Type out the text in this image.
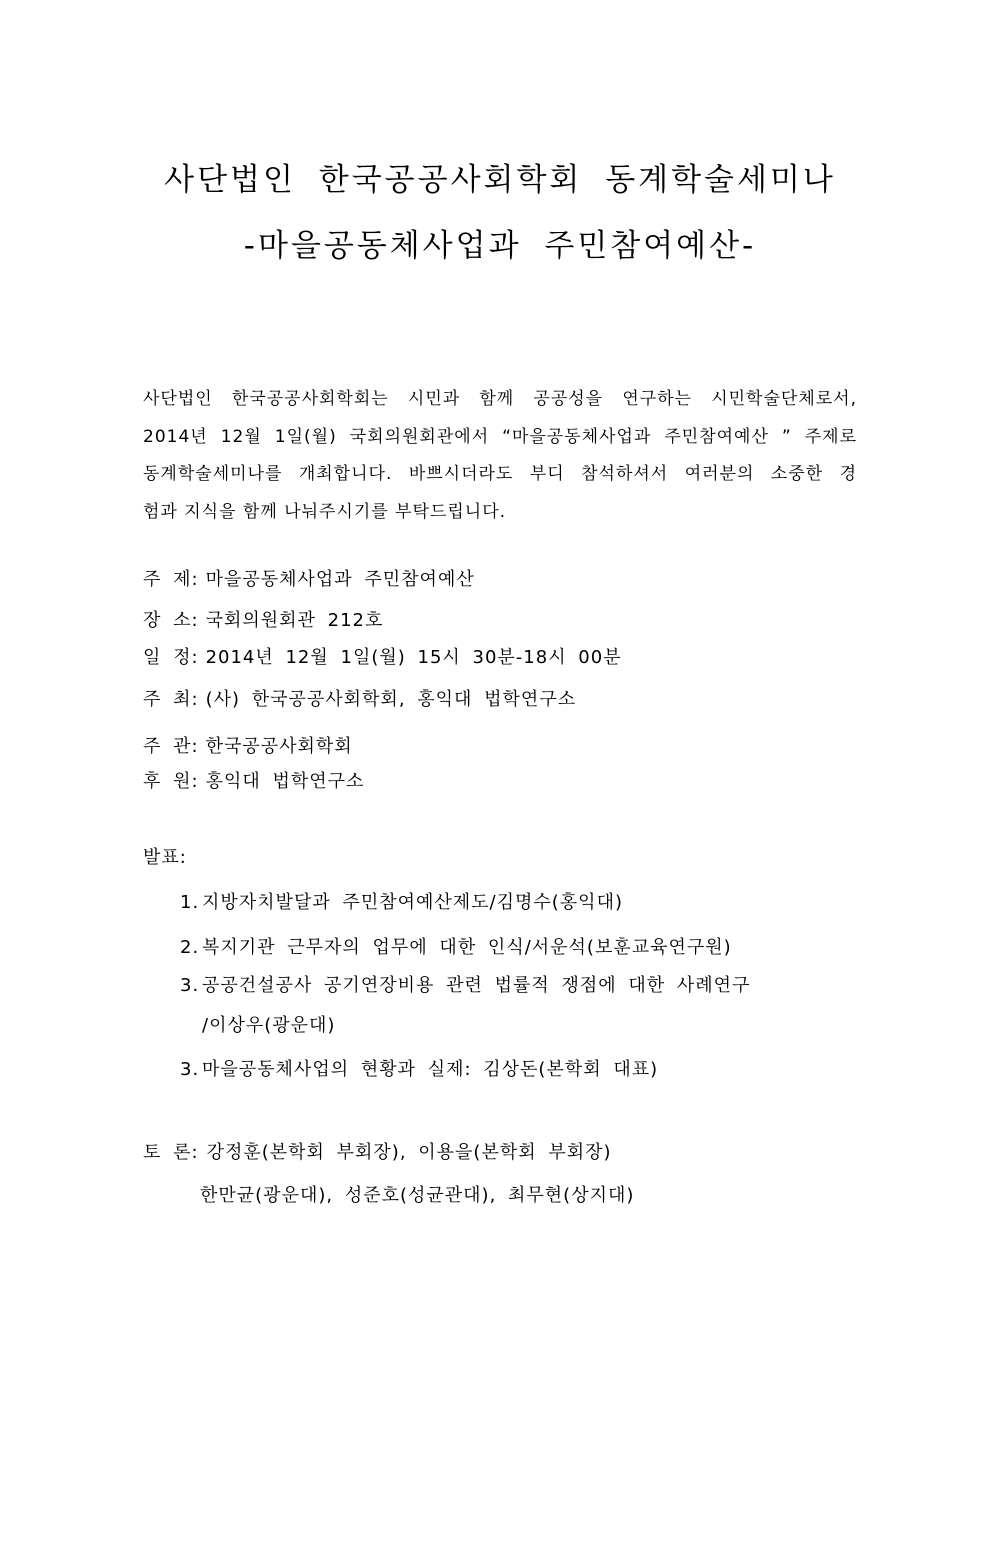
사단법인 한국공공사회학회 동계학술세미나
-마을공동체사업과 주민참여예산-
사단법인 한국공공사회학회는 시민과 함께 공공성을 연구하는 시민학술단체로서,
2014년 12월 1일(월) 국회의원회관에서 “마을공동체사업과 주민참여예산 ” 주제로
동계학술세미나를 개최합니다. 바쁘시더라도 부디 참석하셔서 여러분의 소중한 경
험과 지식을 함께 나눠주시기를 부탁드립니다.
주 제: 마을공동체사업과 주민참여예산
장 소: 국회의원회관 212호
일 정: 2014년 12월 1일(월) 15시 30분-18시 00분
주 최: (사) 한국공공사회학회, 홍익대 법학연구소
주 관: 한국공공사회학회
후 원: 홍익대 법학연구소
발표:
1. 지방자치발달과 주민참여예산제도/김명수(홍익대)
2. 복지기관 근무자의 업무에 대한 인식/서운석(보훈교육연구원)
3. 공공건설공사 공기연장비용 관련 법률적 쟁점에 대한 사례연구
/이상우(광운대)
3. 마을공동체사업의 현황과 실제: 김상돈(본학회 대표)
토 론: 강정훈(본학회 부회장), 이용을(본학회 부회장)
한만균(광운대), 성준호(성균관대), 최무현(상지대)
